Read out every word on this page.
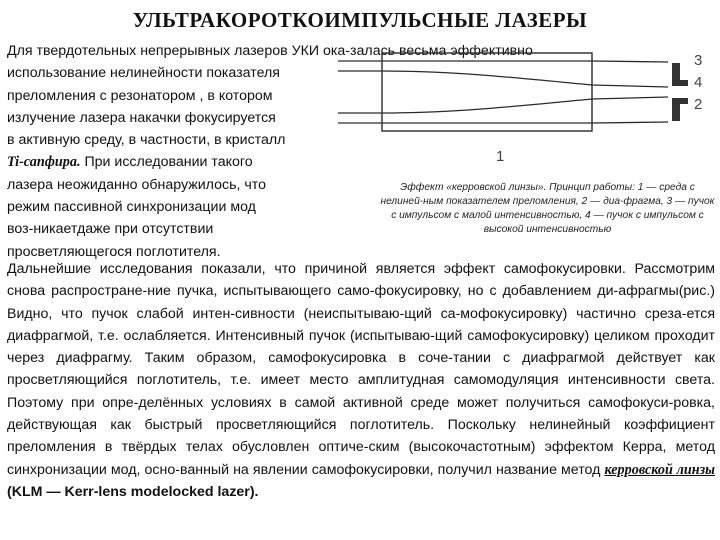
УЛЬТРАКОРОТКОИМПУЛЬСНЫЕ ЛАЗЕРЫ
Для твердотельных непрерывных лазеров УКИ ока-залась весьма эффективно

использование нелинейности показателя
преломления с резонатором , в котором
излучение лазера накачки фокусируется
в активную среду, в частности, в кристалл
Ti-сапфира. При исследовании такого
лазера неожиданно обнаружилось, что
режим пассивной синхронизации мод
воз-никаетдаже при отсутствии
просветляющегося поглотителя.
3
4
2
1
Эффект «керровской линзы». Принцип работы: 1 — среда с нелиней-ным показателем преломления, 2 — диа-фрагма, 3 — пучок с импульсом с малой интенсивностью, 4 — пучок с импульсом с высокой интенсивностью
Дальнейшие исследования показали, что причиной является эффект самофокусировки. Рассмотрим снова распростране-ние пучка, испытывающего само-фокусировку, но с добавлением ди-афрагмы(рис.) Видно, что пучок слабой интен-сивности (неиспытываю-щий са-мофокусировку) частично среза-ется диафрагмой, т.е. ослабляется. Интенсивный пучок (испытываю-щий самофокусировку) целиком проходит через диафрагму. Таким образом, самофокусировка в соче-тании с диафрагмой действует как просветляющийся поглотитель, т.е. имеет место амплитудная самомодуляция интенсивности света. Поэтому при опре-делённых условиях в самой активной среде может получиться самофокуси-ровка, действующая как быстрый просветляющийся поглотитель. Поскольку нелинейный коэффициент преломления в твёрдых телах обусловлен оптиче-ским (высокочастотным) эффектом Керра, метод синхронизации мод, осно-ванный на явлении самофокусировки, получил название метод керровской линзы (KLM — Kerr-lens modelocked lazer).
